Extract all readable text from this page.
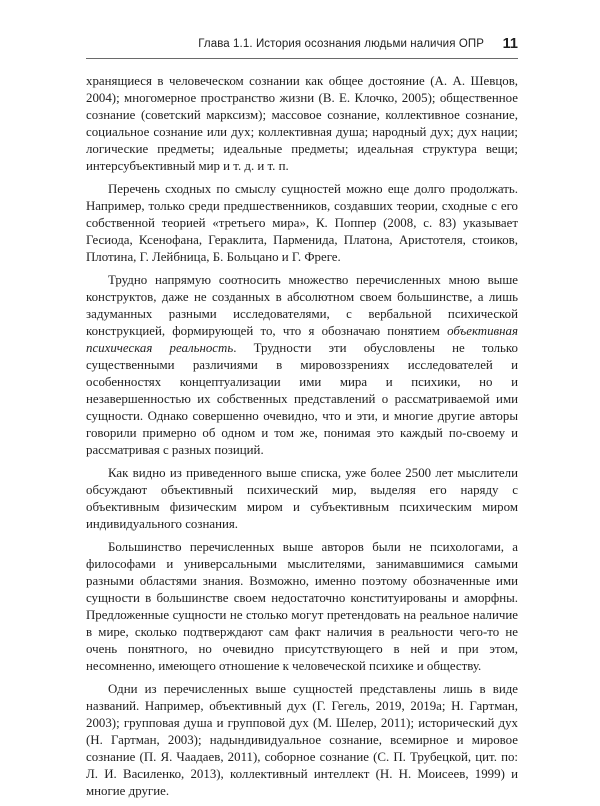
Глава 1.1. История осознания людьми наличия ОПР 11

хранящиеся в человеческом сознании как общее достояние (А. А. Шевцов, 2004); многомерное пространство жизни (В. Е. Клочко, 2005); общественное сознание (советский марксизм); массовое сознание, коллективное сознание, социальное сознание или дух; коллективная душа; народный дух; дух нации; логические предметы; идеальные предметы; идеальная структура вещи; интерсубъективный мир и т. д. и т. п.

Перечень сходных по смыслу сущностей можно еще долго продолжать. Например, только среди предшественников, создавших теории, сходные с его собственной теорией «третьего мира», К. Поппер (2008, с. 83) указывает Гесиода, Ксенофана, Гераклита, Парменида, Платона, Аристотеля, стоиков, Плотина, Г. Лейбница, Б. Больцано и Г. Фреге.

Трудно напрямую соотносить множество перечисленных мною выше конструктов, даже не созданных в абсолютном своем большинстве, а лишь задуманных разными исследователями, с вербальной психической конструкцией, формирующей то, что я обозначаю понятием объективная психическая реальность. Трудности эти обусловлены не только существенными различиями в мировоззрениях исследователей и особенностях концептуализации ими мира и психики, но и незавершенностью их собственных представлений о рассматриваемой ими сущности. Однако совершенно очевидно, что и эти, и многие другие авторы говорили примерно об одном и том же, понимая это каждый по-своему и рассматривая с разных позиций.

Как видно из приведенного выше списка, уже более 2500 лет мыслители обсуждают объективный психический мир, выделяя его наряду с объективным физическим миром и субъективным психическим миром индивидуального сознания.

Большинство перечисленных выше авторов были не психологами, а философами и универсальными мыслителями, занимавшимися самыми разными областями знания. Возможно, именно поэтому обозначенные ими сущности в большинстве своем недостаточно конституированы и аморфны. Предложенные сущности не столько могут претендовать на реальное наличие в мире, сколько подтверждают сам факт наличия в реальности чего-то не очень понятного, но очевидно присутствующего в ней и при этом, несомненно, имеющего отношение к человеческой психике и обществу.

Одни из перечисленных выше сущностей представлены лишь в виде названий. Например, объективный дух (Г. Гегель, 2019, 2019а; Н. Гартман, 2003); групповая душа и групповой дух (М. Шелер, 2011); исторический дух (Н. Гартман, 2003); надындивидуальное сознание, всемирное и мировое сознание (П. Я. Чаадаев, 2011), соборное сознание (С. П. Трубецкой, цит. по: Л. И. Василенко, 2013), коллективный интеллект (Н. Н. Моисеев, 1999) и многие другие.
